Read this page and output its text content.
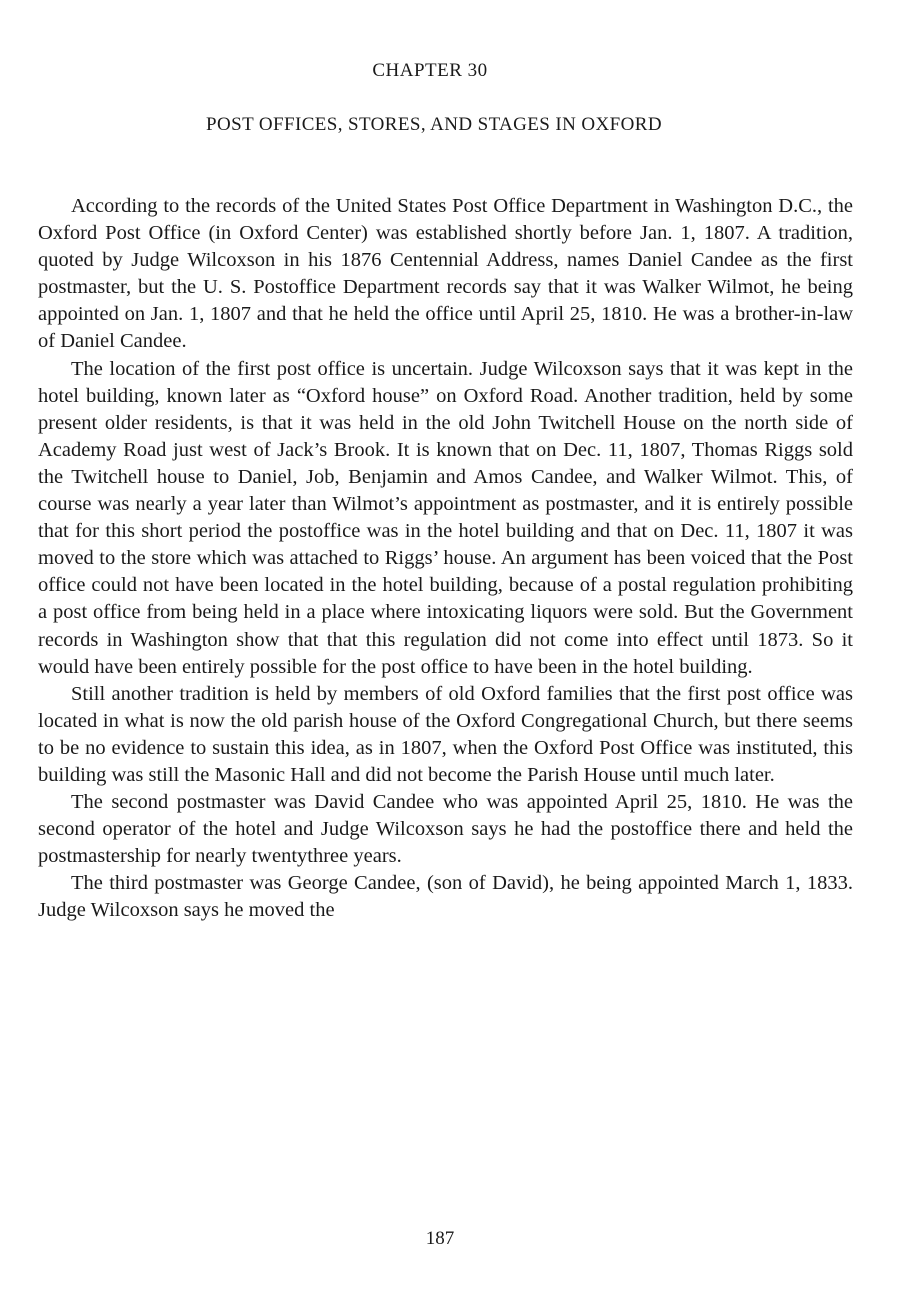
CHAPTER 30
POST OFFICES, STORES, AND STAGES IN OXFORD

According to the records of the United States Post Office Department in Washington D.C., the Oxford Post Office (in Oxford Center) was established shortly before Jan. 1, 1807. A tradition, quoted by Judge Wilcoxson in his 1876 Centennial Address, names Daniel Candee as the first postmaster, but the U. S. Postoffice Department records say that it was Walker Wilmot, he being appointed on Jan. 1, 1807 and that he held the office until April 25, 1810. He was a brother-in-law of Daniel Candee.

The location of the first post office is uncertain. Judge Wilcoxson says that it was kept in the hotel building, known later as “Oxford house” on Oxford Road. Another tradition, held by some present older residents, is that it was held in the old John Twitchell House on the north side of Academy Road just west of Jack’s Brook. It is known that on Dec. 11, 1807, Thomas Riggs sold the Twitchell house to Daniel, Job, Benjamin and Amos Candee, and Walker Wilmot. This, of course was nearly a year later than Wilmot’s appointment as postmaster, and it is entirely possible that for this short period the postoffice was in the hotel building and that on Dec. 11, 1807 it was moved to the store which was attached to Riggs’ house. An argument has been voiced that the Post office could not have been located in the hotel building, because of a postal regulation prohibiting a post office from being held in a place where intoxicating liquors were sold. But the Government records in Washington show that that this regulation did not come into effect until 1873. So it would have been entirely possible for the post office to have been in the hotel building.

Still another tradition is held by members of old Oxford families that the first post office was located in what is now the old parish house of the Oxford Congregational Church, but there seems to be no evidence to sustain this idea, as in 1807, when the Oxford Post Office was instituted, this building was still the Masonic Hall and did not become the Parish House until much later.

The second postmaster was David Candee who was appointed April 25, 1810. He was the second operator of the hotel and Judge Wilcoxson says he had the postoffice there and held the postmastership for nearly twentythree years.

The third postmaster was George Candee, (son of David), he being appointed March 1, 1833. Judge Wilcoxson says he moved the

187
